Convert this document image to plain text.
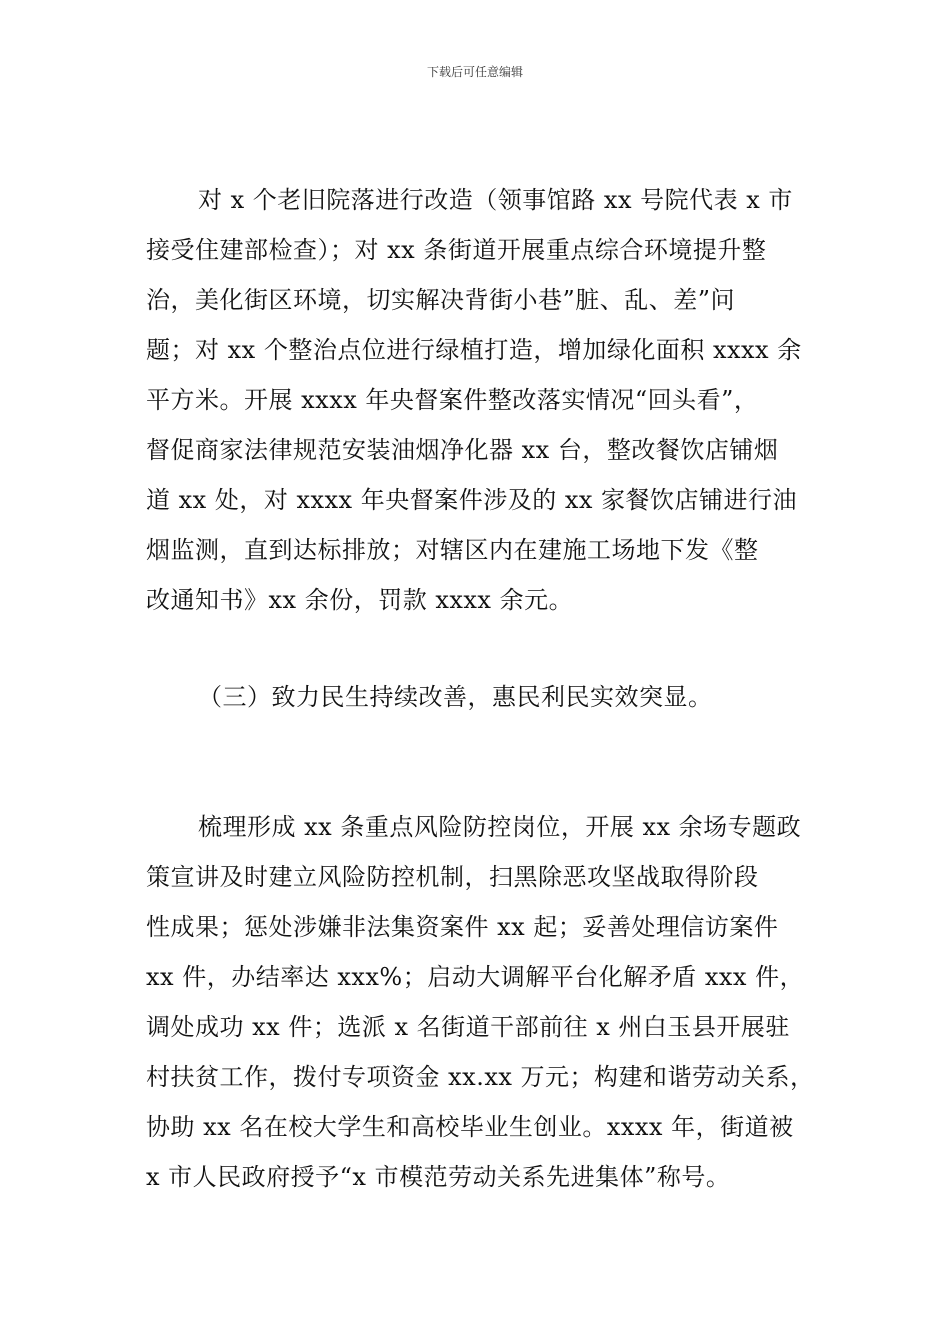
下载后可任意编辑
对 x 个老旧院落进行改造（领事馆路 xx 号院代表 x 市
接受住建部检查）；对 xx 条街道开展重点综合环境提升整
治，美化街区环境，切实解决背街小巷”脏、乱、差”问
题；对 xx 个整治点位进行绿植打造，增加绿化面积 xxxx 余
平方米。开展 xxxx 年央督案件整改落实情况“回头看”，
督促商家法律规范安装油烟净化器 xx 台，整改餐饮店铺烟
道 xx 处，对 xxxx 年央督案件涉及的 xx 家餐饮店铺进行油
烟监测，直到达标排放；对辖区内在建施工场地下发《整
改通知书》xx 余份，罚款 xxxx 余元。
（三）致力民生持续改善，惠民利民实效突显。
梳理形成 xx 条重点风险防控岗位，开展 xx 余场专题政
策宣讲及时建立风险防控机制，扫黑除恶攻坚战取得阶段
性成果；惩处涉嫌非法集资案件 xx 起；妥善处理信访案件
xx 件，办结率达 xxx%；启动大调解平台化解矛盾 xxx 件，
调处成功 xx 件；选派 x 名街道干部前往 x 州白玉县开展驻
村扶贫工作，拨付专项资金 xx.xx 万元；构建和谐劳动关系，
协助 xx 名在校大学生和高校毕业生创业。xxxx 年，街道被
x 市人民政府授予“x 市模范劳动关系先进集体”称号。
